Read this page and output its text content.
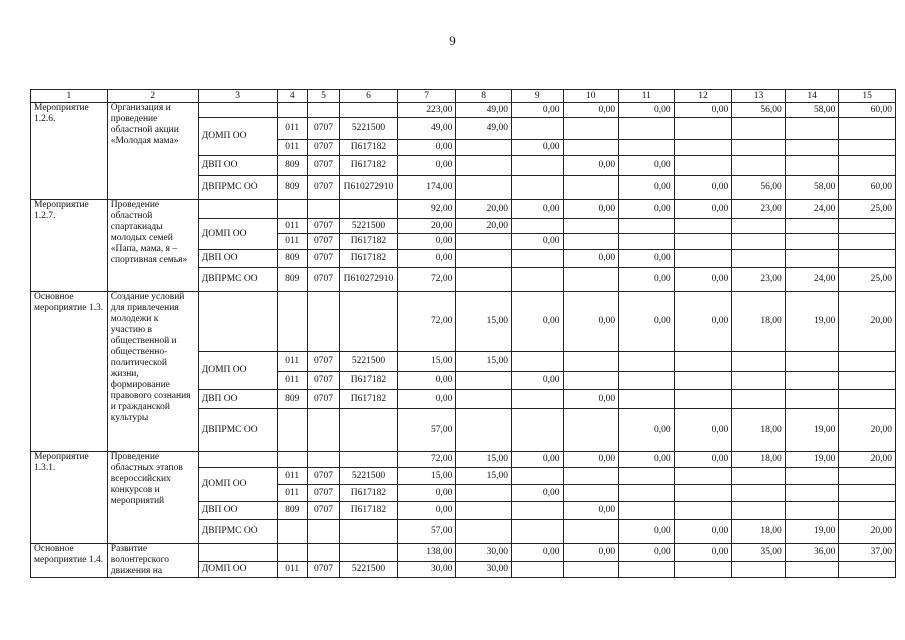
9
1	2	3	4	5	6	7	8	9	10	11	12	13	14	15
Мероприятие 1.2.6.	Организация и проведение областной акции «Молодая мама»					223,00	49,00	0,00	0,00	0,00	0,00	56,00	58,00	60,00
		ДОМП ОО	011	0707	5221500	49,00	49,00							
			011	0707	П617182	0,00		0,00						
		ДВП ОО	809	0707	П617182	0,00			0,00	0,00				
		ДВПРМС ОО	809	0707	П610272910	174,00				0,00	0,00	56,00	58,00	60,00
Мероприятие 1.2.7.	Проведение областной спартакиады молодых семей «Папа, мама, я – спортивная семья»					92,00	20,00	0,00	0,00	0,00	0,00	23,00	24,00	25,00
		ДОМП ОО	011	0707	5221500	20,00	20,00							
			011	0707	П617182	0,00		0,00						
		ДВП ОО	809	0707	П617182	0,00			0,00	0,00				
		ДВПРМС ОО	809	0707	П610272910	72,00				0,00	0,00	23,00	24,00	25,00
Основное мероприятие 1.3.	Создание условий для привлечения молодежи к участию в общественной и общественно-политической жизни, формирование правового сознания и гражданской культуры					72,00	15,00	0,00	0,00	0,00	0,00	18,00	19,00	20,00
		ДОМП ОО	011	0707	5221500	15,00	15,00							
			011	0707	П617182	0,00		0,00						
		ДВП ОО	809	0707	П617182	0,00			0,00					
		ДВПРМС ОО				57,00				0,00	0,00	18,00	19,00	20,00
Мероприятие 1.3.1.	Проведение областных этапов всероссийских конкурсов и мероприятий					72,00	15,00	0,00	0,00	0,00	0,00	18,00	19,00	20,00
		ДОМП ОО	011	0707	5221500	15,00	15,00							
			011	0707	П617182	0,00		0,00						
		ДВП ОО	809	0707	П617182	0,00			0,00					
		ДВПРМС ОО				57,00				0,00	0,00	18,00	19,00	20,00
Основное мероприятие 1.4.	Развитие волонтерского движения на					138,00	30,00	0,00	0,00	0,00	0,00	35,00	36,00	37,00
		ДОМП ОО	011	0707	5221500	30,00	30,00							
